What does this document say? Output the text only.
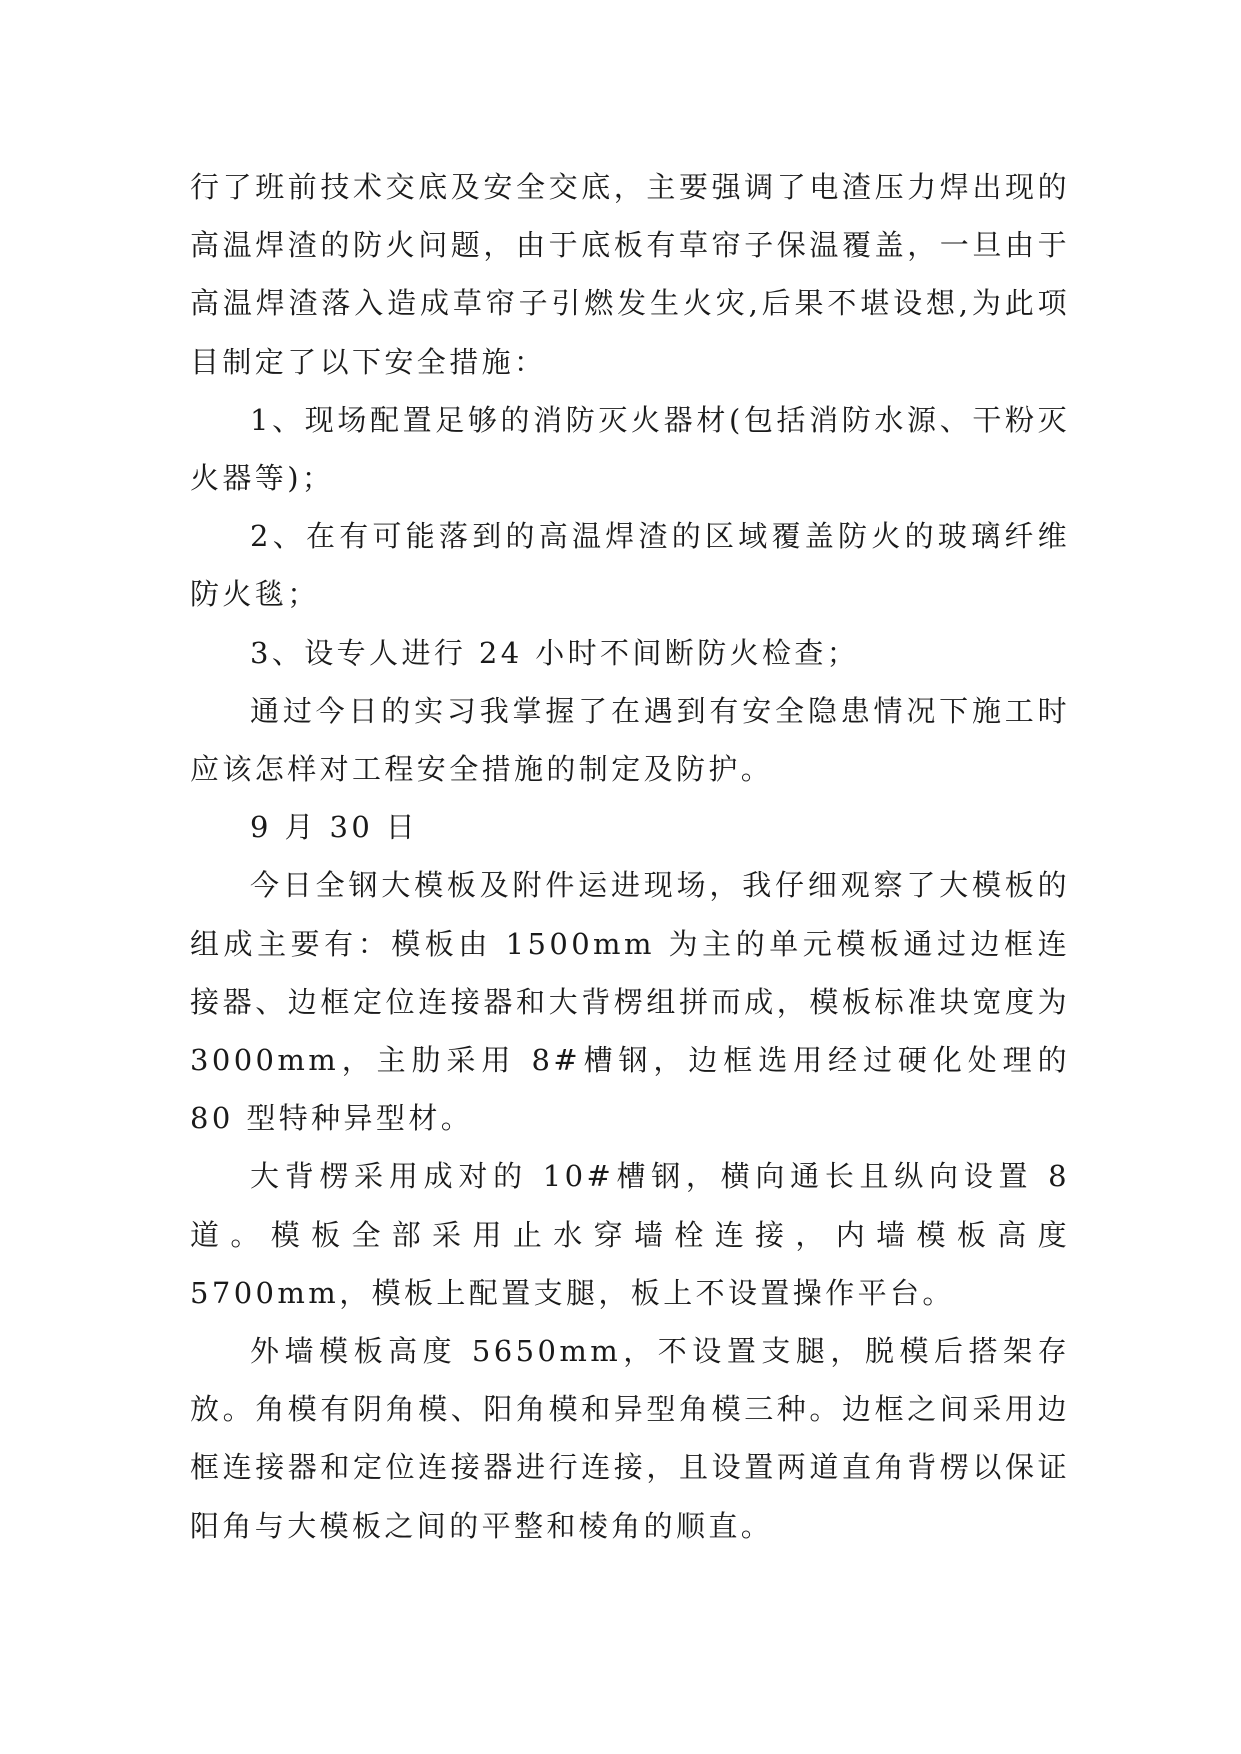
行了班前技术交底及安全交底，主要强调了电渣压力焊出现的高温焊渣的防火问题，由于底板有草帘子保温覆盖，一旦由于高温焊渣落入造成草帘子引燃发生火灾,后果不堪设想,为此项目制定了以下安全措施：

1、现场配置足够的消防灭火器材(包括消防水源、干粉灭火器等)；

2、在有可能落到的高温焊渣的区域覆盖防火的玻璃纤维防火毯；

3、设专人进行 24 小时不间断防火检查；

通过今日的实习我掌握了在遇到有安全隐患情况下施工时应该怎样对工程安全措施的制定及防护。

9 月 30 日

今日全钢大模板及附件运进现场，我仔细观察了大模板的组成主要有：模板由 1500mm 为主的单元模板通过边框连接器、边框定位连接器和大背楞组拼而成，模板标准块宽度为 3000mm，主肋采用 8#槽钢，边框选用经过硬化处理的 80 型特种异型材。

大背楞采用成对的 10#槽钢，横向通长且纵向设置 8 道。模板全部采用止水穿墙栓连接，内墙模板高度 5700mm，模板上配置支腿，板上不设置操作平台。

外墙模板高度 5650mm，不设置支腿，脱模后搭架存放。角模有阴角模、阳角模和异型角模三种。边框之间采用边框连接器和定位连接器进行连接，且设置两道直角背楞以保证阳角与大模板之间的平整和棱角的顺直。
